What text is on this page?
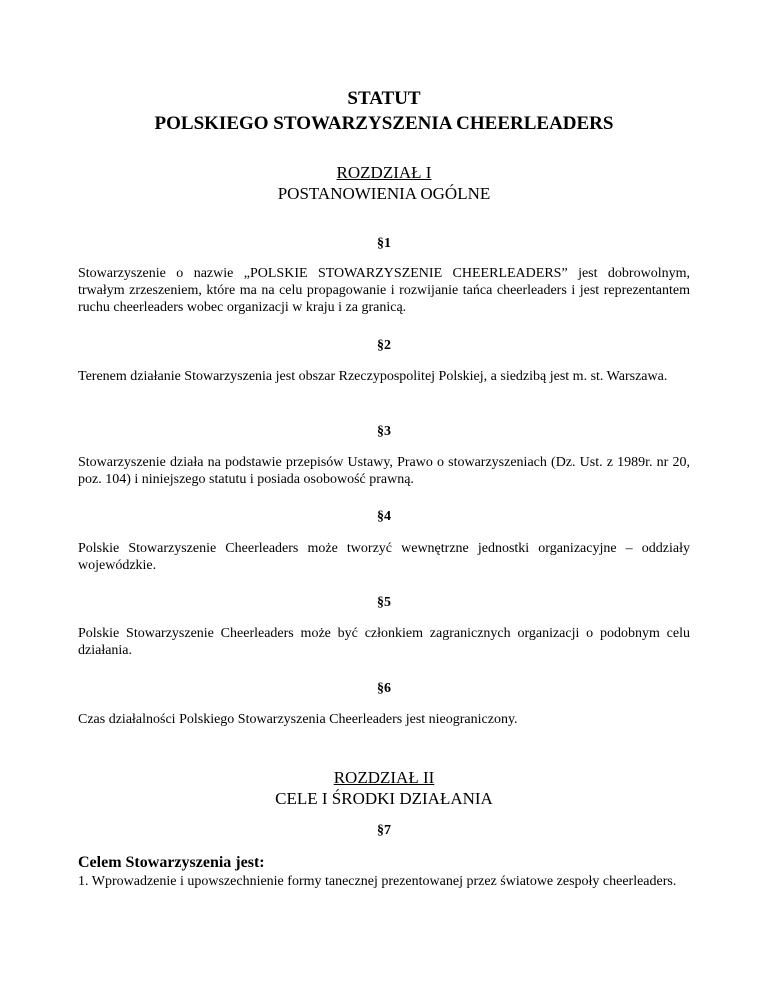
STATUT
POLSKIEGO STOWARZYSZENIA CHEERLEADERS
ROZDZIAŁ I
POSTANOWIENIA OGÓLNE
§1
Stowarzyszenie o nazwie „POLSKIE STOWARZYSZENIE CHEERLEADERS” jest dobrowolnym, trwałym zrzeszeniem, które ma na celu propagowanie i rozwijanie tańca cheerleaders i jest reprezentantem ruchu cheerleaders wobec organizacji w kraju i za granicą.
§2
Terenem działanie Stowarzyszenia jest obszar Rzeczypospolitej Polskiej, a siedzibą jest m. st. Warszawa.
§3
Stowarzyszenie działa na podstawie przepisów Ustawy, Prawo o stowarzyszeniach (Dz. Ust. z 1989r. nr 20, poz. 104) i niniejszego statutu i posiada osobowość prawną.
§4
Polskie Stowarzyszenie Cheerleaders może tworzyć wewnętrzne jednostki organizacyjne – oddziały wojewódzkie.
§5
Polskie Stowarzyszenie Cheerleaders może być członkiem zagranicznych organizacji o podobnym celu działania.
§6
Czas działalności Polskiego Stowarzyszenia Cheerleaders jest nieograniczony.
ROZDZIAŁ II
CELE I ŚRODKI DZIAŁANIA
§7
Celem Stowarzyszenia jest:
1. Wprowadzenie i upowszechnienie formy tanecznej prezentowanej przez światowe zespoły cheerleaders.
